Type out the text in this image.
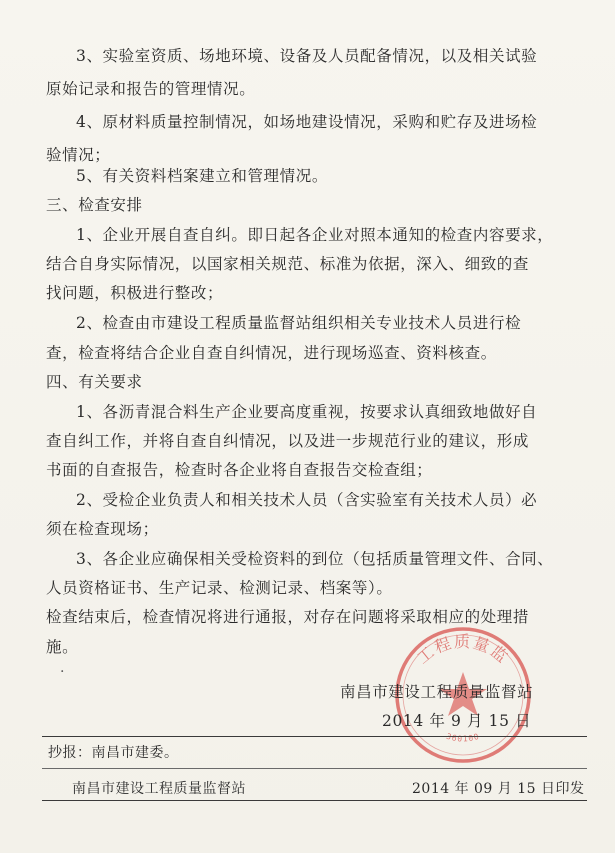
3、实验室资质、场地环境、设备及人员配备情况，以及相关试验
原始记录和报告的管理情况。
4、原材料质量控制情况，如场地建设情况，采购和贮存及进场检
验情况；
5、有关资料档案建立和管理情况。
三、检查安排
1、企业开展自查自纠。即日起各企业对照本通知的检查内容要求，
结合自身实际情况，以国家相关规范、标准为依据，深入、细致的查
找问题，积极进行整改；
2、检查由市建设工程质量监督站组织相关专业技术人员进行检
查，检查将结合企业自查自纠情况，进行现场巡查、资料核查。
四、有关要求
1、各沥青混合料生产企业要高度重视，按要求认真细致地做好自
查自纠工作，并将自查自纠情况，以及进一步规范行业的建议，形成
书面的自查报告，检查时各企业将自查报告交检查组；
2、受检企业负责人和相关技术人员（含实验室有关技术人员）必
须在检查现场；
3、各企业应确保相关受检资料的到位（包括质量管理文件、合同、
人员资格证书、生产记录、检测记录、档案等）。
检查结束后，检查情况将进行通报，对存在问题将采取相应的处理措
施。
.
工程质量监
360100
南昌市建设工程质量监督站
2014 年 9 月 15 日
抄报：南昌市建委。
南昌市建设工程质量监督站	2014 年 09 月 15 日印发
